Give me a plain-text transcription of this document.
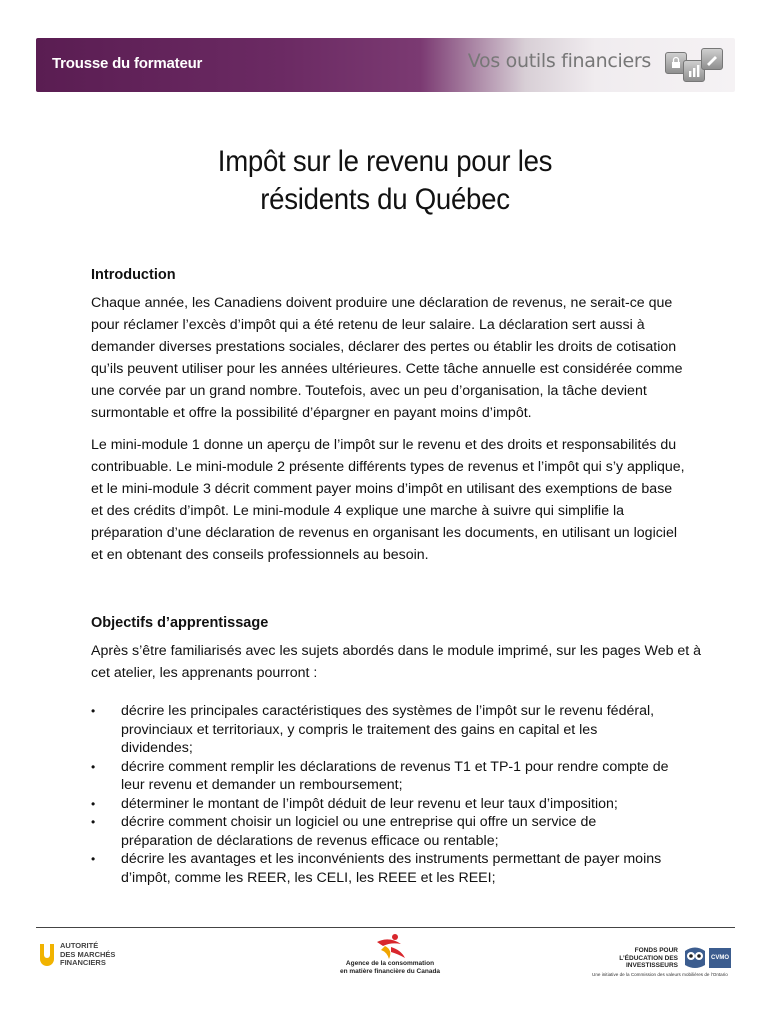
Trousse du formateur	Vos outils financiers
Impôt sur le revenu pour les
résidents du Québec
Introduction
Chaque année, les Canadiens doivent produire une déclaration de revenus, ne serait-ce que
pour réclamer l’excès d’impôt qui a été retenu de leur salaire. La déclaration sert aussi à
demander diverses prestations sociales, déclarer des pertes ou établir les droits de cotisation
qu’ils peuvent utiliser pour les années ultérieures. Cette tâche annuelle est considérée comme
une corvée par un grand nombre. Toutefois, avec un peu d’organisation, la tâche devient
surmontable et offre la possibilité d’épargner en payant moins d’impôt.
Le mini-module 1 donne un aperçu de l’impôt sur le revenu et des droits et responsabilités du
contribuable. Le mini-module 2 présente différents types de revenus et l’impôt qui s’y applique,
et le mini-module 3 décrit comment payer moins d’impôt en utilisant des exemptions de base
et des crédits d’impôt. Le mini-module 4 explique une marche à suivre qui simplifie la
préparation d’une déclaration de revenus en organisant les documents, en utilisant un logiciel
et en obtenant des conseils professionnels au besoin.
Objectifs d’apprentissage
Après s’être familiarisés avec les sujets abordés dans le module imprimé, sur les pages Web et à
cet atelier, les apprenants pourront :
• décrire les principales caractéristiques des systèmes de l’impôt sur le revenu fédéral,
provinciaux et territoriaux, y compris le traitement des gains en capital et les
dividendes;
• décrire comment remplir les déclarations de revenus T1 et TP-1 pour rendre compte de
leur revenu et demander un remboursement;
• déterminer le montant de l’impôt déduit de leur revenu et leur taux d’imposition;
• décrire comment choisir un logiciel ou une entreprise qui offre un service de
préparation de déclarations de revenus efficace ou rentable;
• décrire les avantages et les inconvénients des instruments permettant de payer moins
d’impôt, comme les REER, les CELI, les REEE et les REEI;
AUTORITÉ
DES MARCHÉS
FINANCIERS	Agence de la consommation
en matière financière du Canada
FONDS POUR
L’ÉDUCATION DES
INVESTISSEURS
CVMO
Une initiative de la Commission des valeurs mobilières de l’Ontario
